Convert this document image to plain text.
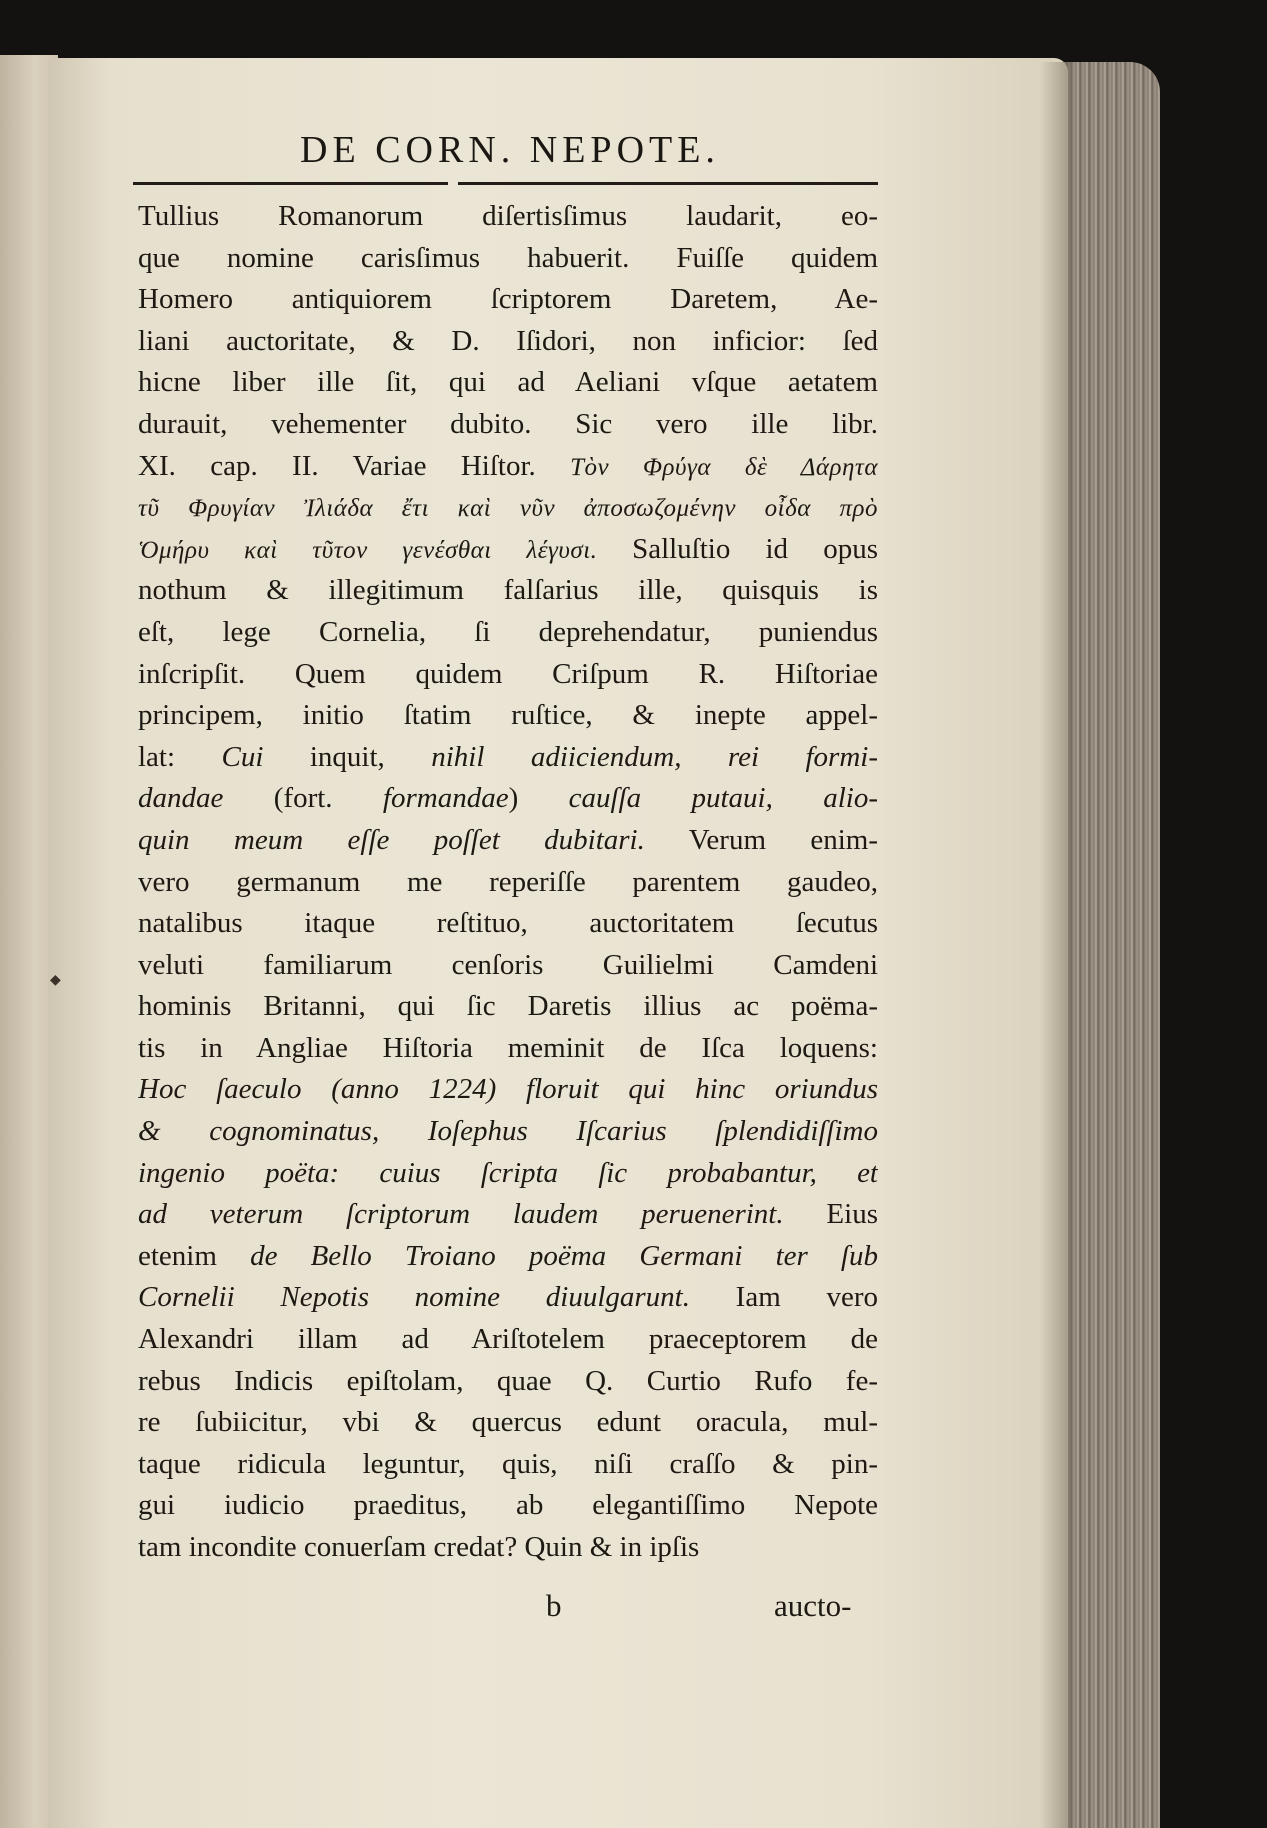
DE CORN. NEPOTE.
◆
Tullius Romanorum diſertisſimus laudarit, eo-
que nomine carisſimus habuerit. Fuiſſe quidem
Homero antiquiorem ſcriptorem Daretem, Ae-
liani auctoritate, & D. Iſidori, non inficior: ſed
hicne liber ille ſit, qui ad Aeliani vſque aetatem
durauit, vehementer dubito. Sic vero ille libr.
XI. cap. II. Variae Hiſtor. Τὸν Φρύγα δὲ Δάρητα
τῦ Φρυγίαν Ἰλιάδα ἔτι καὶ νῦν ἀποσωζομένην οἶδα πρὸ
Ὁμήρυ καὶ τῦτον γενέσθαι λέγυσι. Salluſtio id opus
nothum & illegitimum falſarius ille, quisquis is
eſt, lege Cornelia, ſi deprehendatur, puniendus
inſcripſit. Quem quidem Criſpum R. Hiſtoriae
principem, initio ſtatim ruſtice, & inepte appel-
lat: Cui inquit, nihil adiiciendum, rei formi-
dandae (fort. formandae) cauſſa putaui, alio-
quin meum eſſe poſſet dubitari. Verum enim-
vero germanum me reperiſſe parentem gaudeo,
natalibus itaque reſtituo, auctoritatem ſecutus
veluti familiarum cenſoris Guilielmi Camdeni
hominis Britanni, qui ſic Daretis illius ac poëma-
tis in Angliae Hiſtoria meminit de Iſca loquens:
Hoc ſaeculo (anno 1224) floruit qui hinc oriundus
& cognominatus, Ioſephus Iſcarius ſplendidiſſimo
ingenio poëta: cuius ſcripta ſic probabantur, et
ad veterum ſcriptorum laudem peruenerint. Eius
etenim de Bello Troiano poëma Germani ter ſub
Cornelii Nepotis nomine diuulgarunt. Iam vero
Alexandri illam ad Ariſtotelem praeceptorem de
rebus Indicis epiſtolam, quae Q. Curtio Rufo fe-
re ſubiicitur, vbi & quercus edunt oracula, mul-
taque ridicula leguntur, quis, niſi craſſo & pin-
gui iudicio praeditus, ab elegantiſſimo Nepote
tam incondite conuerſam credat? Quin & in ipſis
b	aucto-
